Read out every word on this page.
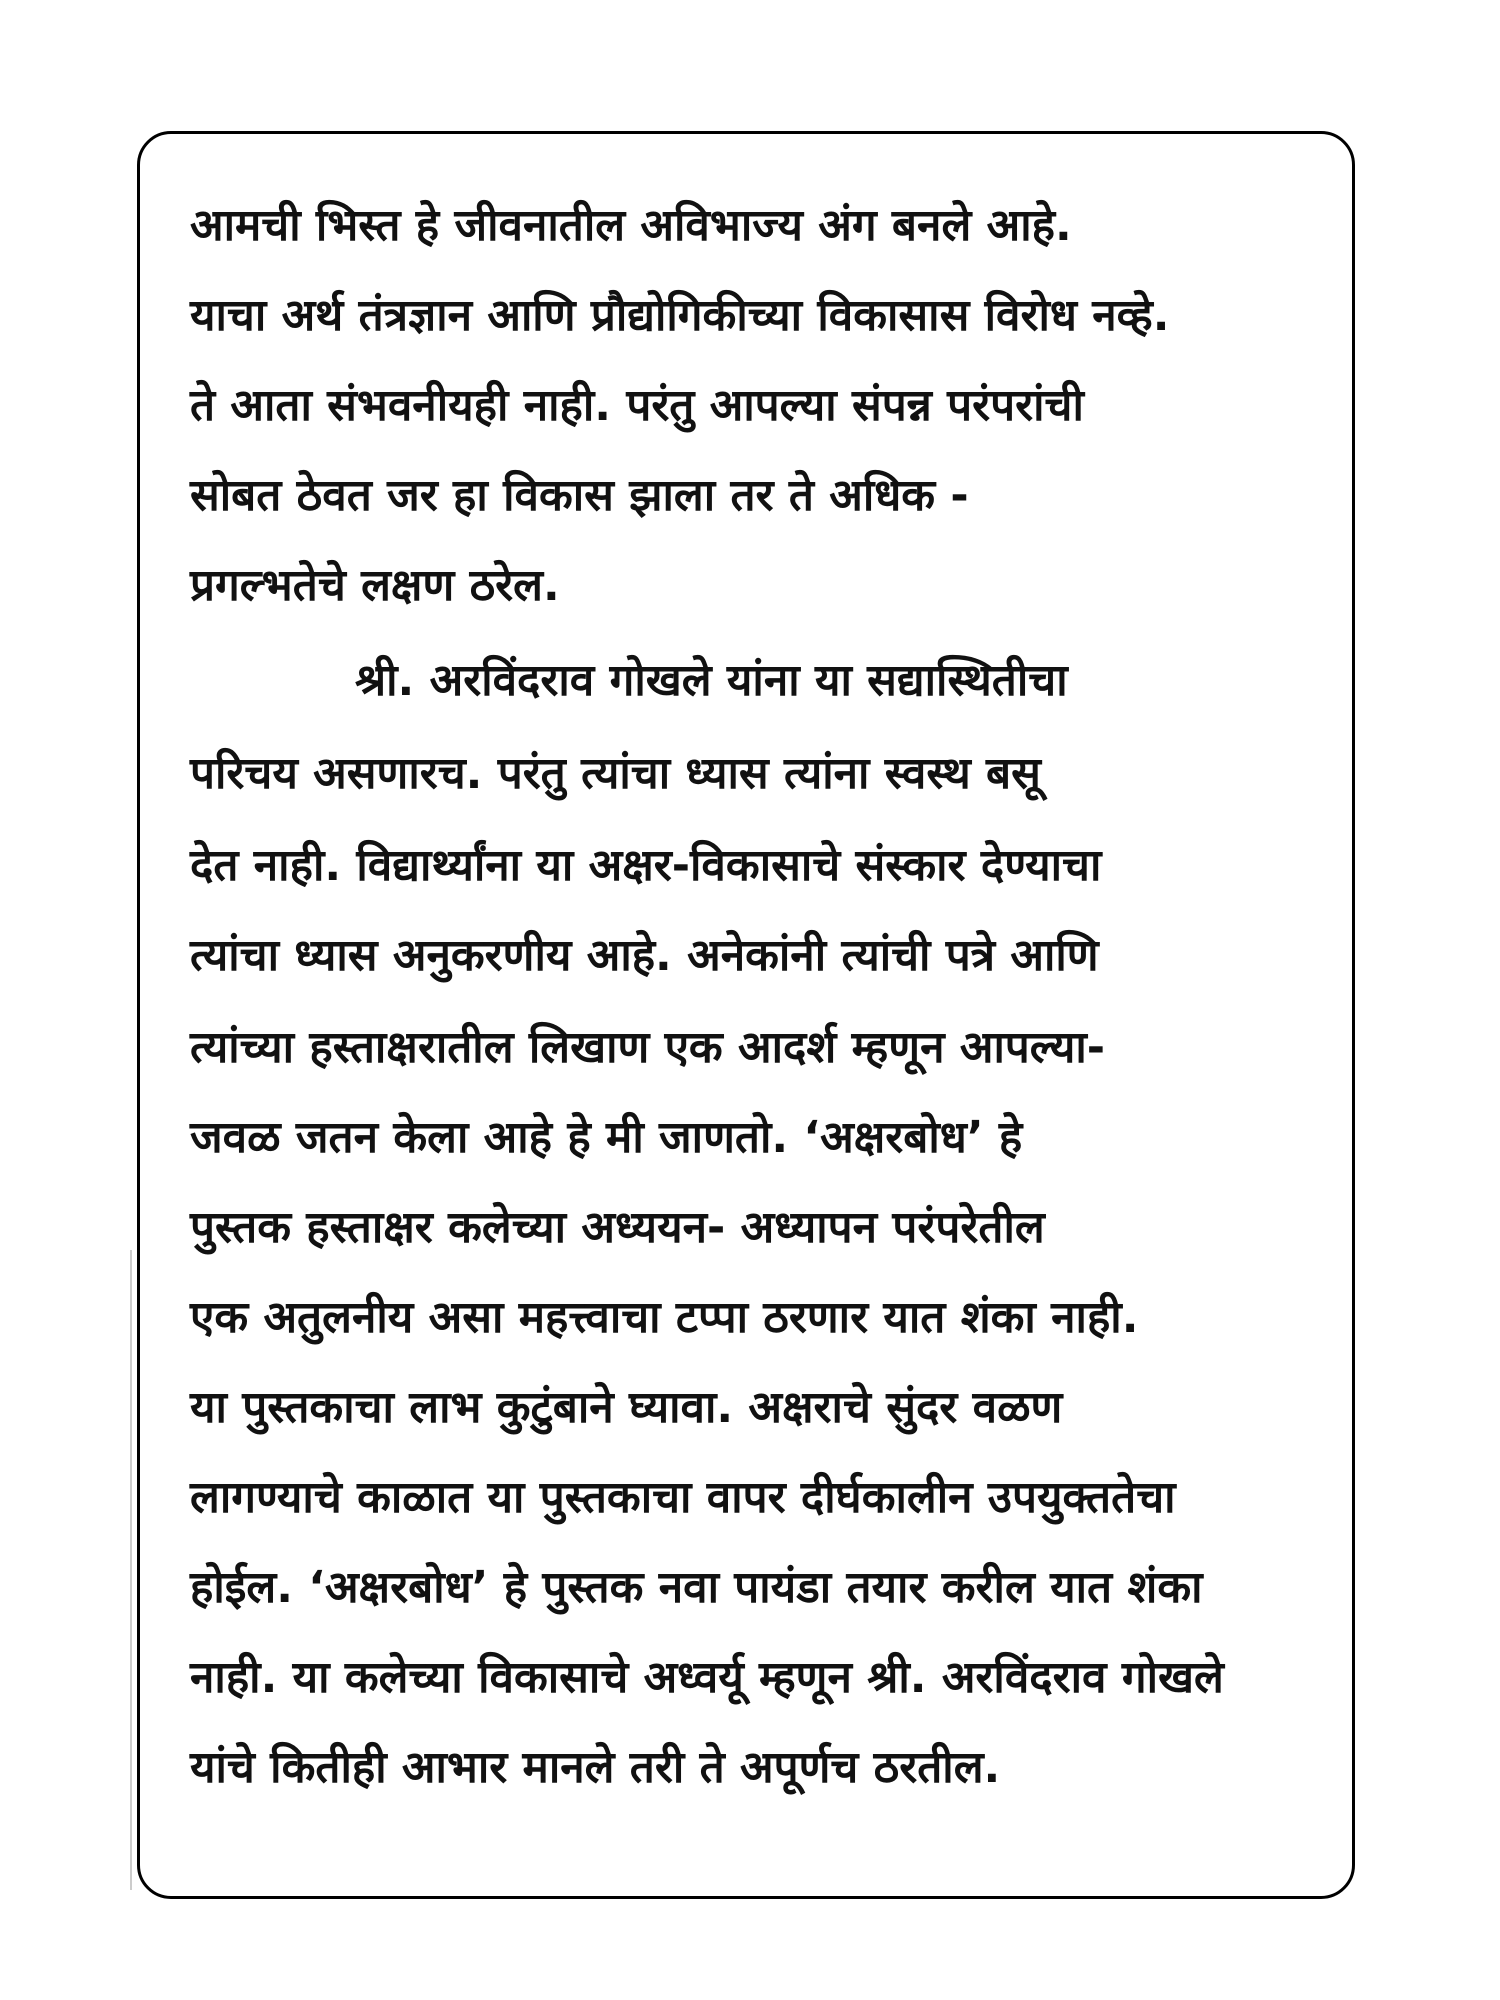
आमची भिस्त हे जीवनातील अविभाज्य अंग बनले आहे.
याचा अर्थ तंत्रज्ञान आणि प्रौद्योगिकीच्या विकासास विरोध नव्हे.
ते आता संभवनीयही नाही. परंतु आपल्या संपन्न परंपरांची
सोबत ठेवत जर हा विकास झाला तर ते अधिक -
प्रगल्भतेचे लक्षण ठरेल.
श्री. अरविंदराव गोखले यांना या सद्यास्थितीचा
परिचय असणारच. परंतु त्यांचा ध्यास त्यांना स्वस्थ बसू
देत नाही. विद्यार्थ्यांना या अक्षर-विकासाचे संस्कार देण्याचा
त्यांचा ध्यास अनुकरणीय आहे. अनेकांनी त्यांची पत्रे आणि
त्यांच्या हस्ताक्षरातील लिखाण एक आदर्श म्हणून आपल्या-
जवळ जतन केला आहे हे मी जाणतो. ‘अक्षरबोध’ हे
पुस्तक हस्ताक्षर कलेच्या अध्ययन- अध्यापन परंपरेतील
एक अतुलनीय असा महत्त्वाचा टप्पा ठरणार यात शंका नाही.
या पुस्तकाचा लाभ कुटुंबाने घ्यावा. अक्षराचे सुंदर वळण
लागण्याचे काळात या पुस्तकाचा वापर दीर्घकालीन उपयुक्ततेचा
होईल. ‘अक्षरबोध’ हे पुस्तक नवा पायंडा तयार करील यात शंका
नाही. या कलेच्या विकासाचे अध्वर्यू म्हणून श्री. अरविंदराव गोखले
यांचे कितीही आभार मानले तरी ते अपूर्णच ठरतील.
